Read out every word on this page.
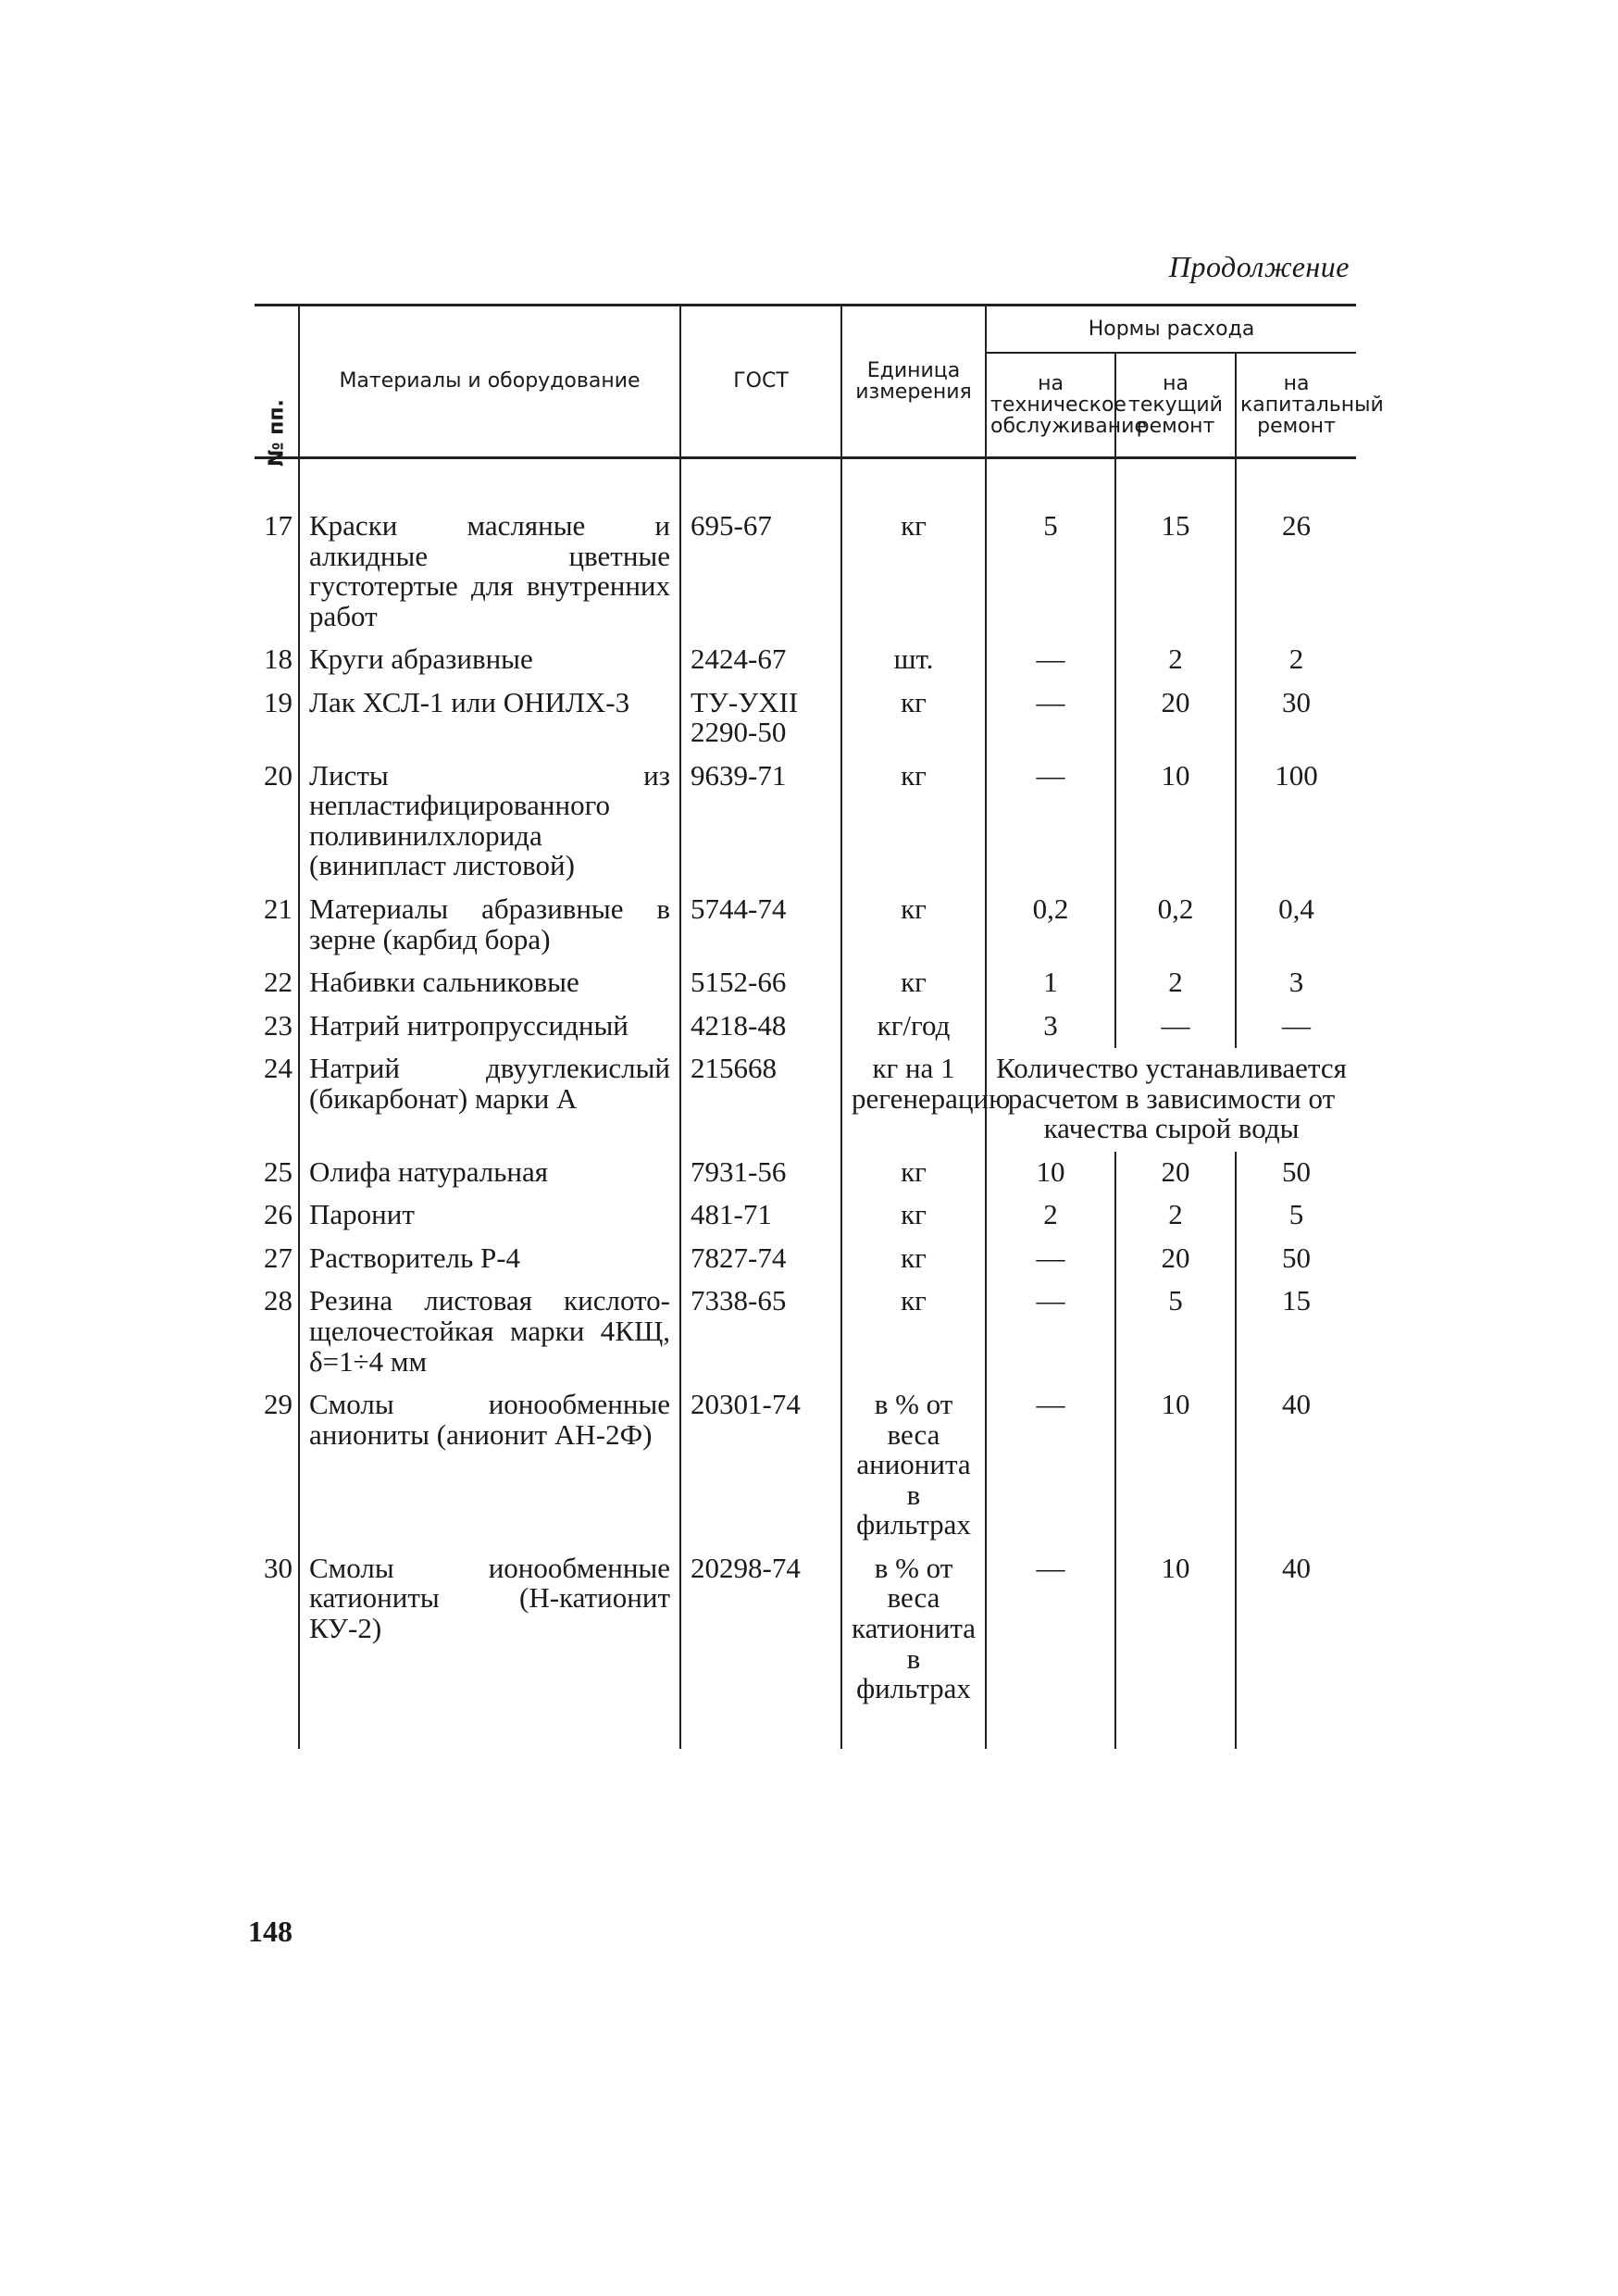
Продолжение
№ пп.	Материалы и оборудование	ГОСТ	Единица измерения	Нормы расхода		
				на техническое обслуживание	на текущий ремонт	на капитальный ремонт

17	Краски масляные и алкидные цветные густотертые для внутренних работ	695-67	кг	5	15	26
18	Круги абразивные	2424-67	шт.	—	2	2
19	Лак ХСЛ-1 или ОНИЛХ-3	ТУ-УХII 2290-50	кг	—	20	30
20	Листы из непластифицированного поливинилхлорида (винипласт листовой)	9639-71	кг	—	10	100
21	Материалы абразивные в зерне (карбид бора)	5744-74	кг	0,2	0,2	0,4
22	Набивки сальниковые	5152-66	кг	1	2	3
23	Натрий нитропруссидный	4218-48	кг/год	3	—	—
24	Натрий двууглекислый (бикарбонат) марки А	215668	кг на 1 регенерацию	Количество устанавливается расчетом в зависимости от качества сырой воды		
25	Олифа натуральная	7931-56	кг	10	20	50
26	Паронит	481-71	кг	2	2	5
27	Растворитель Р-4	7827-74	кг	—	20	50
28	Резина листовая кислото-щелочестойкая марки 4КЩ, δ=1÷4 мм	7338-65	кг	—	5	15
29	Смолы ионообменные аниониты (анионит АН-2Ф)	20301-74	в % от веса анионита в фильтрах	—	10	40
30	Смолы ионообменные катиониты (Н-катионит КУ-2)	20298-74	в % от веса катионита в фильтрах	—	10	40

148
